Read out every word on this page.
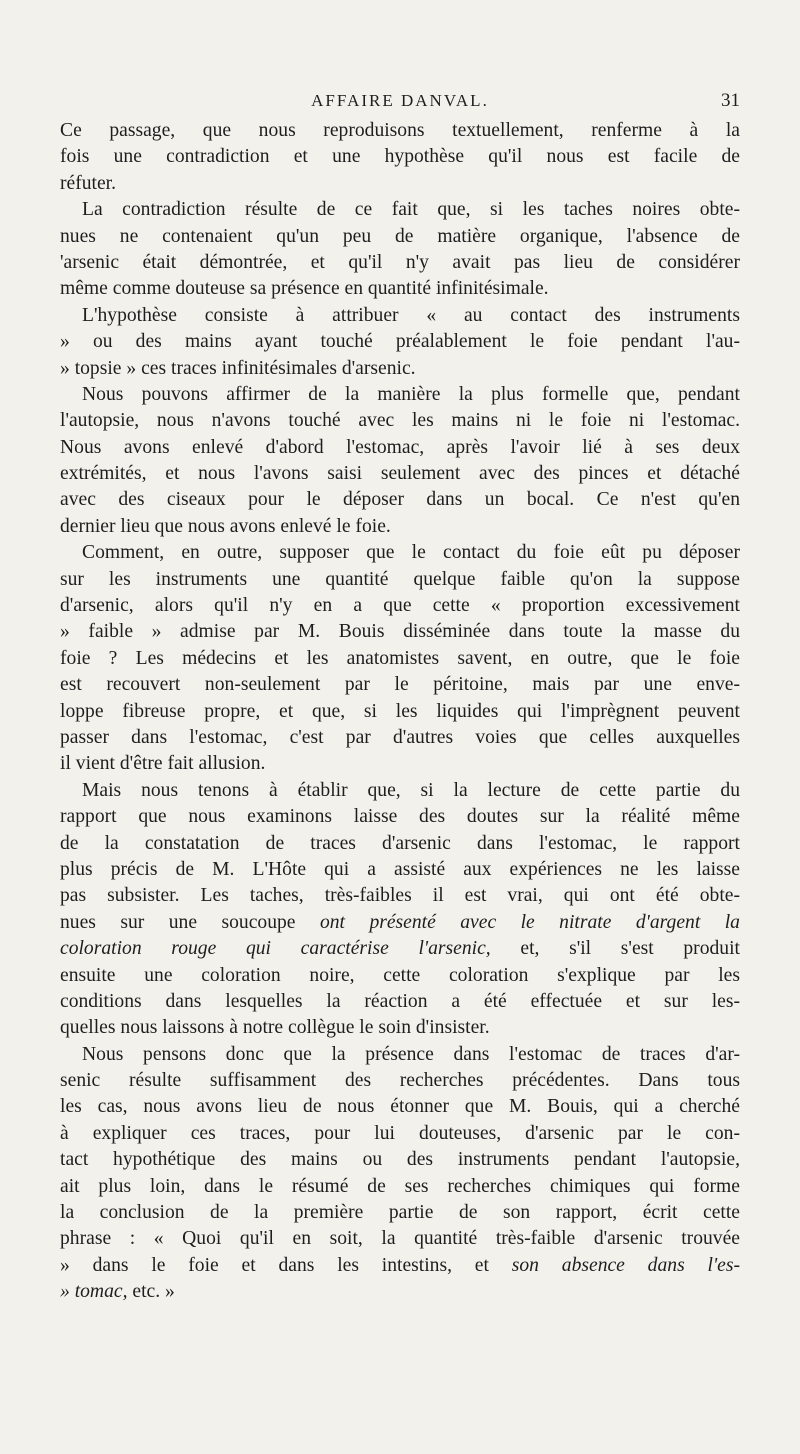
AFFAIRE DANVAL.	31
Ce passage, que nous reproduisons textuellement, renferme à la
fois une contradiction et une hypothèse qu'il nous est facile de
réfuter.
La contradiction résulte de ce fait que, si les taches noires obte-
nues ne contenaient qu'un peu de matière organique, l'absence de
'arsenic était démontrée, et qu'il n'y avait pas lieu de considérer
même comme douteuse sa présence en quantité infinitésimale.
L'hypothèse consiste à attribuer « au contact des instruments
» ou des mains ayant touché préalablement le foie pendant l'au-
» topsie » ces traces infinitésimales d'arsenic.
Nous pouvons affirmer de la manière la plus formelle que, pendant
l'autopsie, nous n'avons touché avec les mains ni le foie ni l'estomac.
Nous avons enlevé d'abord l'estomac, après l'avoir lié à ses deux
extrémités, et nous l'avons saisi seulement avec des pinces et détaché
avec des ciseaux pour le déposer dans un bocal. Ce n'est qu'en
dernier lieu que nous avons enlevé le foie.
Comment, en outre, supposer que le contact du foie eût pu déposer
sur les instruments une quantité quelque faible qu'on la suppose
d'arsenic, alors qu'il n'y en a que cette « proportion excessivement
» faible » admise par M. Bouis disséminée dans toute la masse du
foie ? Les médecins et les anatomistes savent, en outre, que le foie
est recouvert non-seulement par le péritoine, mais par une enve-
loppe fibreuse propre, et que, si les liquides qui l'imprègnent peuvent
passer dans l'estomac, c'est par d'autres voies que celles auxquelles
il vient d'être fait allusion.
Mais nous tenons à établir que, si la lecture de cette partie du
rapport que nous examinons laisse des doutes sur la réalité même
de la constatation de traces d'arsenic dans l'estomac, le rapport
plus précis de M. L'Hôte qui a assisté aux expériences ne les laisse
pas subsister. Les taches, très-faibles il est vrai, qui ont été obte-
nues sur une soucoupe ont présenté avec le nitrate d'argent la
coloration rouge qui caractérise l'arsenic, et, s'il s'est produit
ensuite une coloration noire, cette coloration s'explique par les
conditions dans lesquelles la réaction a été effectuée et sur les-
quelles nous laissons à notre collègue le soin d'insister.
Nous pensons donc que la présence dans l'estomac de traces d'ar-
senic résulte suffisamment des recherches précédentes. Dans tous
les cas, nous avons lieu de nous étonner que M. Bouis, qui a cherché
à expliquer ces traces, pour lui douteuses, d'arsenic par le con-
tact hypothétique des mains ou des instruments pendant l'autopsie,
ait plus loin, dans le résumé de ses recherches chimiques qui forme
la conclusion de la première partie de son rapport, écrit cette
phrase : « Quoi qu'il en soit, la quantité très-faible d'arsenic trouvée
» dans le foie et dans les intestins, et son absence dans l'es-
» tomac, etc. »
